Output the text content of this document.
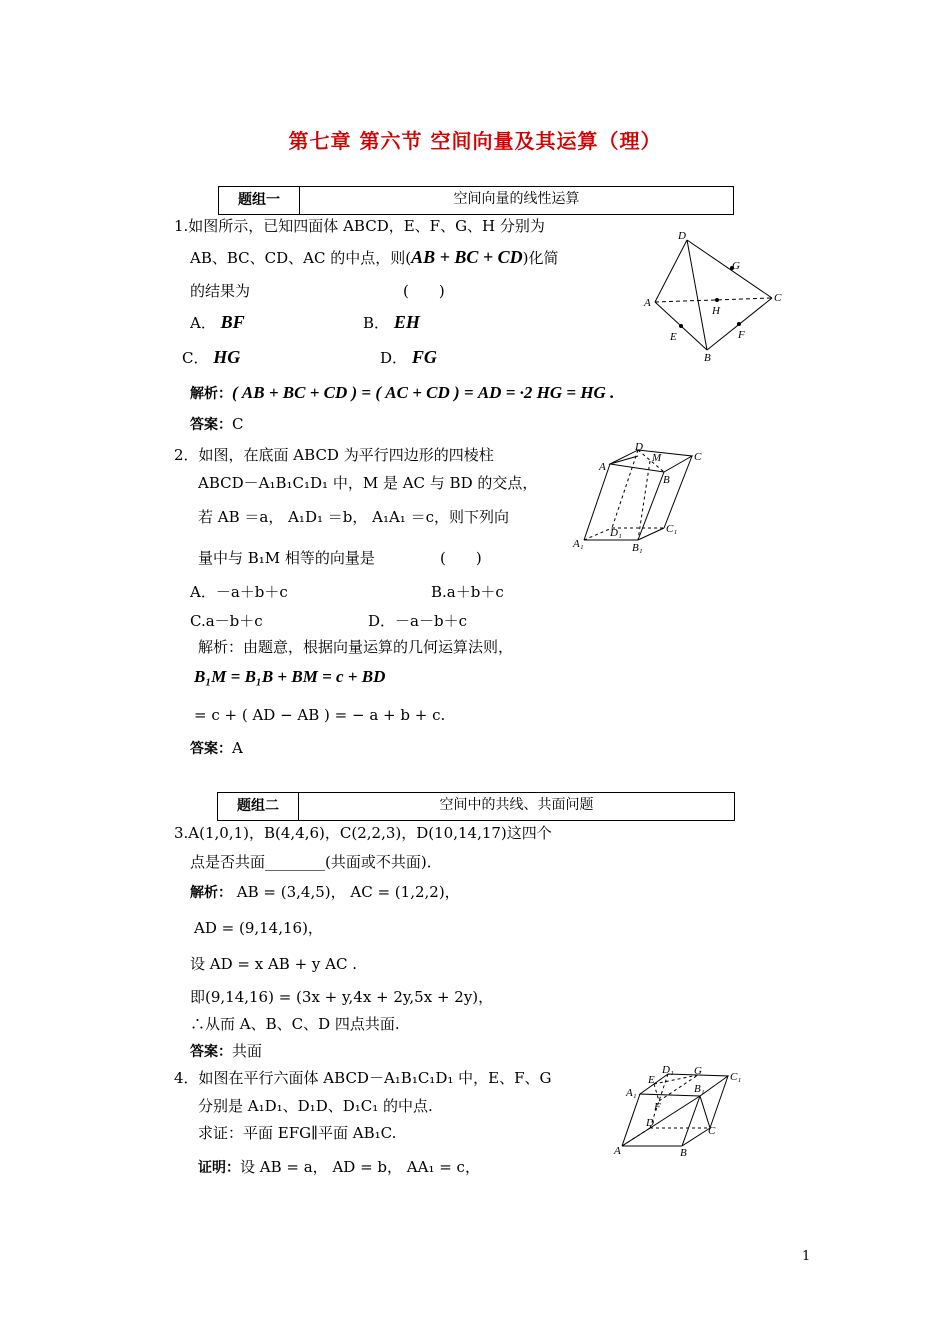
第七章 第六节 空间向量及其运算（理）
题组一	空间向量的线性运算
1.如图所示，已知四面体 ABCD，E、F、G、H 分别为
AB、BC、CD、AC 的中点，则(AB + BC + CD)化简
的结果为	(　　)
A． BF	B． EH
C． HG	D． FG
解析：( AB + BC + CD ) = ( AC + CD ) = AD = ·2 HG = HG .
答案：C
D
G
A	C
H
E	F
B
2．如图，在底面 ABCD 为平行四边形的四棱柱
ABCD－A₁B₁C₁D₁ 中，M 是 AC 与 BD 的交点，
若 AB ＝a， A₁D₁ ＝b， A₁A₁ ＝c，则下列向
量中与 B₁M 相等的向量是	(　　)
A．－a＋b＋c	B.a＋b＋c
C.a－b＋c	D．－a－b＋c
解析：由题意，根据向量运算的几何运算法则，
B₁M = B₁B + BM = c + BD
= c + ( AD − AB ) = − a + b + c.
答案：A
D
M	C
A
B
C₁
D₁
A₁	B₁
题组二	空间中的共线、共面问题
3.A(1,0,1)，B(4,4,6)，C(2,2,3)，D(10,14,17)这四个
点是否共面________(共面或不共面)．
解析： AB = (3,4,5)， AC = (1,2,2)，
AD = (9,14,16)，
设 AD = x AB + y AC .
即(9,14,16) = (3x + y,4x + 2y,5x + 2y)，
∴从而 A、B、C、D 四点共面.
答案：共面
4．如图在平行六面体 ABCD－A₁B₁C₁D₁ 中，E、F、G
分别是 A₁D₁、D₁D、D₁C₁ 的中点.
求证：平面 EFG∥平面 AB₁C.
证明：设 AB = a， AD = b， AA₁ = c，
D₁ G	C₁
E
A₁	B₁
F
D
C
A	B
1
